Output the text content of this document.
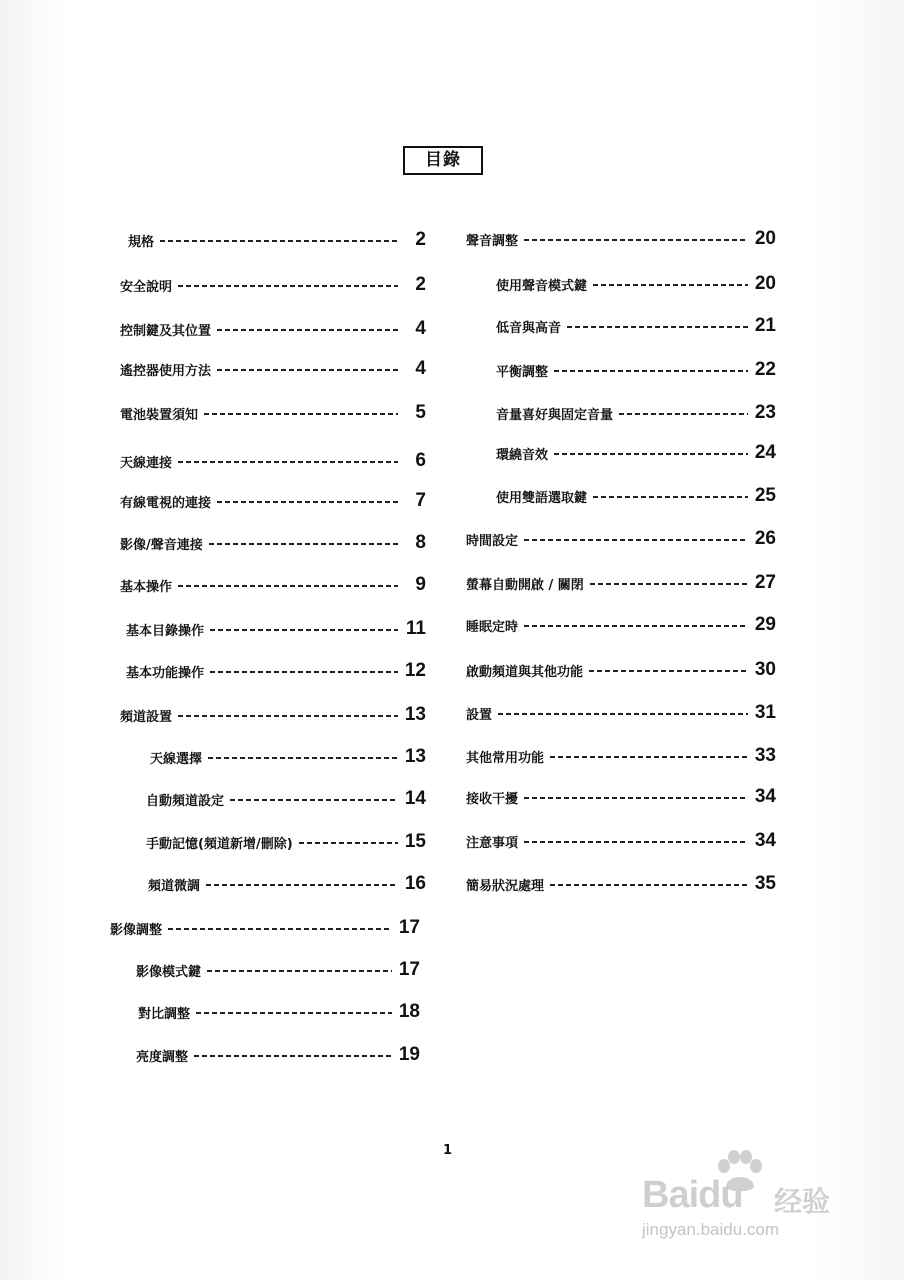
目錄
規格	2
安全說明	2
控制鍵及其位置	4
遙控器使用方法	4
電池裝置須知	5
天線連接	6
有線電視的連接	7
影像/聲音連接	8
基本操作	9
基本目錄操作	11
基本功能操作	12
頻道設置	13
天線選擇	13
自動頻道設定	14
手動記憶(頻道新增/刪除)	15
頻道微調	16
影像調整	17
影像模式鍵	17
對比調整	18
亮度調整	19
聲音調整	20
使用聲音模式鍵	20
低音與高音	21
平衡調整	22
音量喜好與固定音量	23
環繞音效	24
使用雙語選取鍵	25
時間設定	26
螢幕自動開啟 / 關閉	27
睡眠定時	29
啟動頻道與其他功能	30
設置	31
其他常用功能	33
接收干擾	34
注意事項	34
簡易狀況處理	35
1
Baidu 经验
jingyan.baidu.com
